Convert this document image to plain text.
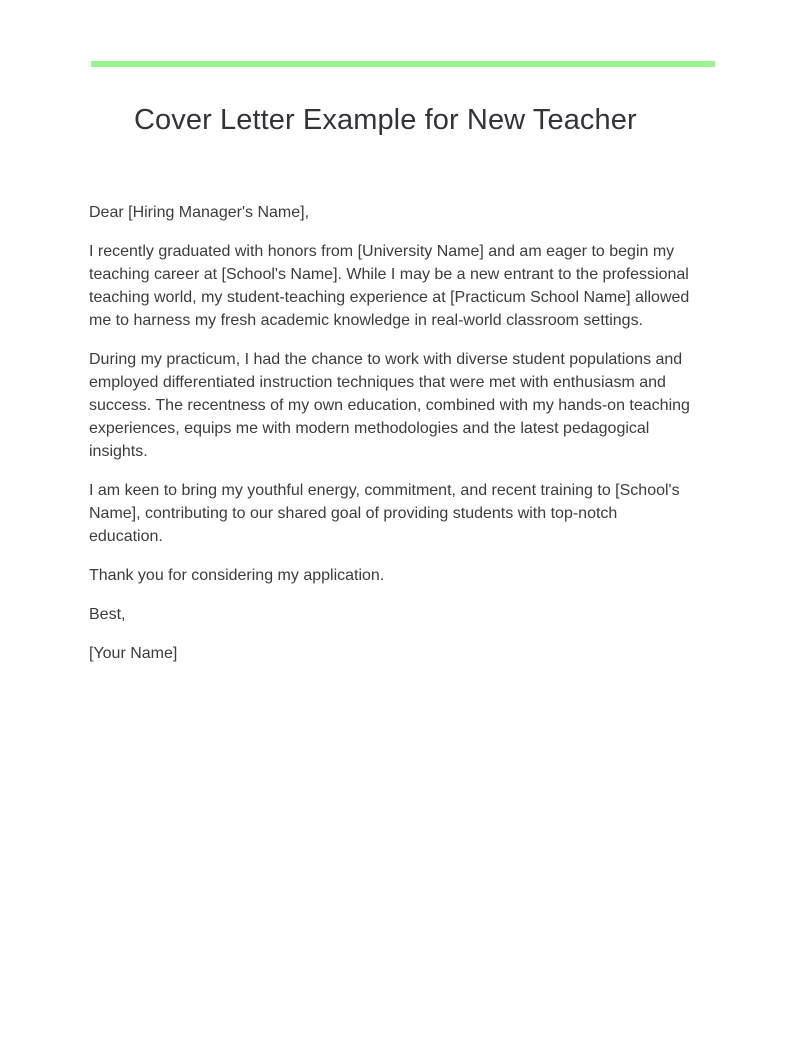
Cover Letter Example for New Teacher

Dear [Hiring Manager's Name],

I recently graduated with honors from [University Name] and am eager to begin my teaching career at [School's Name]. While I may be a new entrant to the professional teaching world, my student-teaching experience at [Practicum School Name] allowed me to harness my fresh academic knowledge in real-world classroom settings.

During my practicum, I had the chance to work with diverse student populations and employed differentiated instruction techniques that were met with enthusiasm and success. The recentness of my own education, combined with my hands-on teaching experiences, equips me with modern methodologies and the latest pedagogical insights.

I am keen to bring my youthful energy, commitment, and recent training to [School's Name], contributing to our shared goal of providing students with top-notch education.

Thank you for considering my application.

Best,

[Your Name]
